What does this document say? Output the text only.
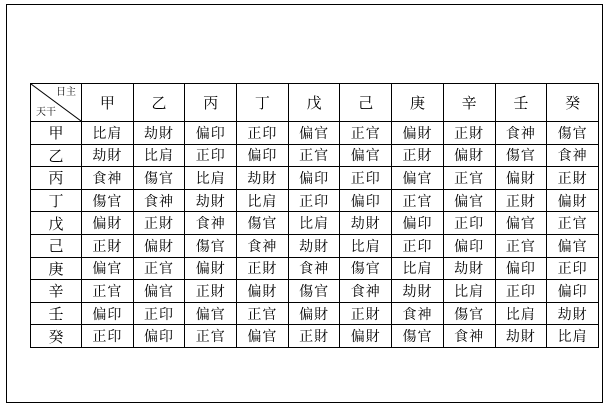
日主
天干	甲	乙	丙	丁	戊	己	庚	辛	壬	癸
甲	比肩	劫財	偏印	正印	偏官	正官	偏財	正財	食神	傷官
乙	劫財	比肩	正印	偏印	正官	偏官	正財	偏財	傷官	食神
丙	食神	傷官	比肩	劫財	偏印	正印	偏官	正官	偏財	正財
丁	傷官	食神	劫財	比肩	正印	偏印	正官	偏官	正財	偏財
戊	偏財	正財	食神	傷官	比肩	劫財	偏印	正印	偏官	正官
己	正財	偏財	傷官	食神	劫財	比肩	正印	偏印	正官	偏官
庚	偏官	正官	偏財	正財	食神	傷官	比肩	劫財	偏印	正印
辛	正官	偏官	正財	偏財	傷官	食神	劫財	比肩	正印	偏印
壬	偏印	正印	偏官	正官	偏財	正財	食神	傷官	比肩	劫財
癸	正印	偏印	正官	偏官	正財	偏財	傷官	食神	劫財	比肩
